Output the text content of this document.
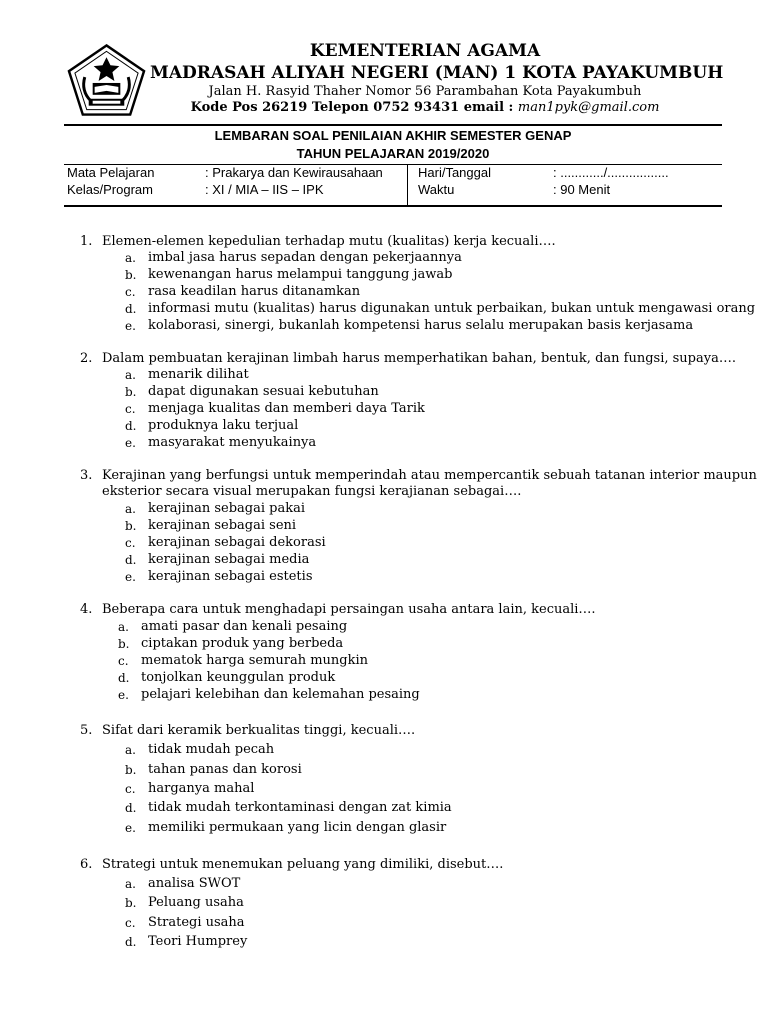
KEMENTERIAN AGAMA
MADRASAH ALIYAH NEGERI (MAN) 1 KOTA PAYAKUMBUH
Jalan H. Rasyid Thaher Nomor 56 Parambahan Kota Payakumbuh
Kode Pos 26219 Telepon 0752 93431 email : man1pyk@gmail.com
LEMBARAN SOAL PENILAIAN AKHIR SEMESTER GENAP
TAHUN PELAJARAN 2019/2020
Mata Pelajaran	: Prakarya dan Kewirausahaan
Kelas/Program	: XI / MIA – IIS – IPK
Hari/Tanggal	: ............/.................
Waktu	: 90 Menit
1. Elemen-elemen kepedulian terhadap mutu (kualitas) kerja kecuali….
a. imbal jasa harus sepadan dengan pekerjaannya
b. kewenangan harus melampui tanggung jawab
c. rasa keadilan harus ditanamkan
d. informasi mutu (kualitas) harus digunakan untuk perbaikan, bukan untuk mengawasi orang
e. kolaborasi, sinergi, bukanlah kompetensi harus selalu merupakan basis kerjasama
2. Dalam pembuatan kerajinan limbah harus memperhatikan bahan, bentuk, dan fungsi, supaya….
a. menarik dilihat
b. dapat digunakan sesuai kebutuhan
c. menjaga kualitas dan memberi daya Tarik
d. produknya laku terjual
e. masyarakat menyukainya
3. Kerajinan yang berfungsi untuk memperindah atau mempercantik sebuah tatanan interior maupun
eksterior secara visual merupakan fungsi kerajianan sebagai….
a. kerajinan sebagai pakai
b. kerajinan sebagai seni
c. kerajinan sebagai dekorasi
d. kerajinan sebagai media
e. kerajinan sebagai estetis
4. Beberapa cara untuk menghadapi persaingan usaha antara lain, kecuali….
a. amati pasar dan kenali pesaing
b. ciptakan produk yang berbeda
c. mematok harga semurah mungkin
d. tonjolkan keunggulan produk
e. pelajari kelebihan dan kelemahan pesaing
5. Sifat dari keramik berkualitas tinggi, kecuali….
a. tidak mudah pecah
b. tahan panas dan korosi
c. harganya mahal
d. tidak mudah terkontaminasi dengan zat kimia
e. memiliki permukaan yang licin dengan glasir
6. Strategi untuk menemukan peluang yang dimiliki, disebut….
a. analisa SWOT
b. Peluang usaha
c. Strategi usaha
d. Teori Humprey
